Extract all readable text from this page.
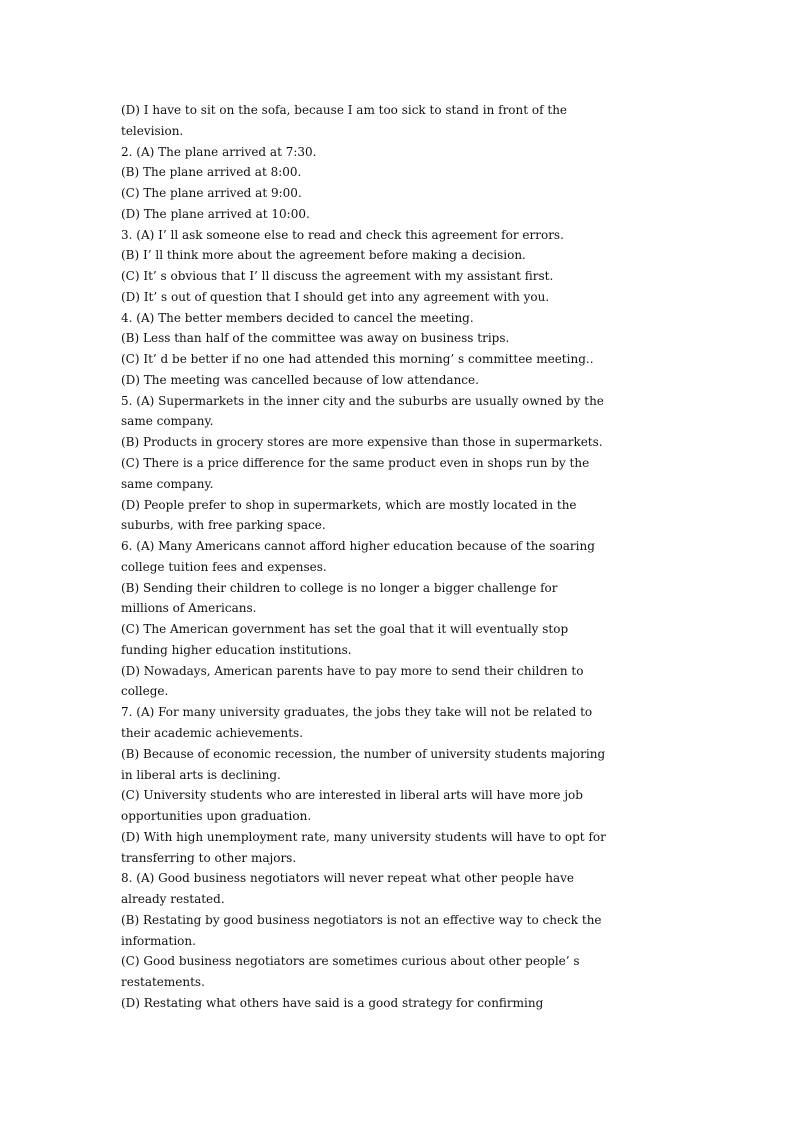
(D) I have to sit on the sofa, because I am too sick to stand in front of the
television.
2. (A) The plane arrived at 7:30.
(B) The plane arrived at 8:00.
(C) The plane arrived at 9:00.
(D) The plane arrived at 10:00.
3. (A) I’ ll ask someone else to read and check this agreement for errors.
(B) I’ ll think more about the agreement before making a decision.
(C) It’ s obvious that I’ ll discuss the agreement with my assistant first.
(D) It’ s out of question that I should get into any agreement with you.
4. (A) The better members decided to cancel the meeting.
(B) Less than half of the committee was away on business trips.
(C) It’ d be better if no one had attended this morning’ s committee meeting..
(D) The meeting was cancelled because of low attendance.
5. (A) Supermarkets in the inner city and the suburbs are usually owned by the
same company.
(B) Products in grocery stores are more expensive than those in supermarkets.
(C) There is a price difference for the same product even in shops run by the
same company.
(D) People prefer to shop in supermarkets, which are mostly located in the
suburbs, with free parking space.
6. (A) Many Americans cannot afford higher education because of the soaring
college tuition fees and expenses.
(B) Sending their children to college is no longer a bigger challenge for
millions of Americans.
(C) The American government has set the goal that it will eventually stop
funding higher education institutions.
(D) Nowadays, American parents have to pay more to send their children to
college.
7. (A) For many university graduates, the jobs they take will not be related to
their academic achievements.
(B) Because of economic recession, the number of university students majoring
in liberal arts is declining.
(C) University students who are interested in liberal arts will have more job
opportunities upon graduation.
(D) With high unemployment rate, many university students will have to opt for
transferring to other majors.
8. (A) Good business negotiators will never repeat what other people have
already restated.
(B) Restating by good business negotiators is not an effective way to check the
information.
(C) Good business negotiators are sometimes curious about other people’ s
restatements.
(D) Restating what others have said is a good strategy for confirming
